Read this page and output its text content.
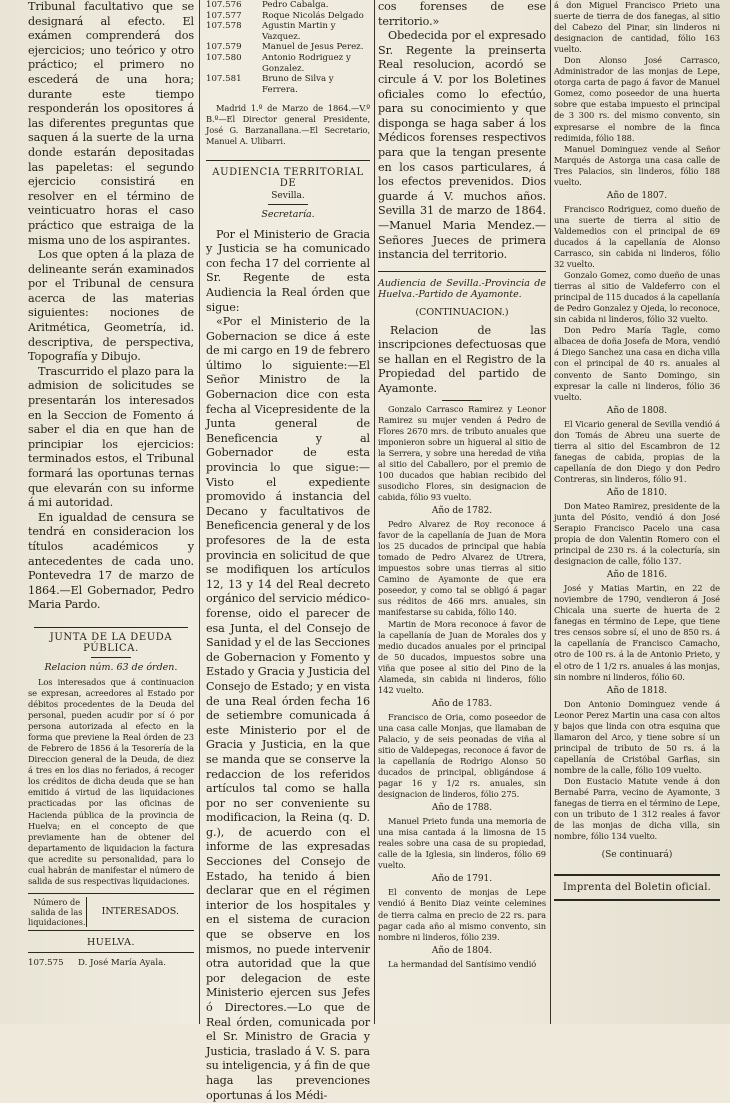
Tribunal facultativo que se designará al efecto. El exámen comprenderá dos ejercicios; uno teórico y otro práctico; el primero no escederá de una hora; durante este tiempo responderán los opositores á las diferentes preguntas que saquen á la suerte de la urna donde estarán depositadas las papeletas: el segundo ejercicio consistirá en resolver en el término de veinticuatro horas el caso práctico que estraiga de la misma uno de los aspirantes.

Los que opten á la plaza de delineante serán examinados por el Tribunal de censura acerca de las materias siguientes: nociones de Aritmética, Geometría, id. descriptiva, de perspectiva, Topografía y Dibujo.

Trascurrido el plazo para la admision de solicitudes se presentarán los interesados en la Seccion de Fomento á saber el dia en que han de principiar los ejercicios: terminados estos, el Tribunal formará las oportunas ternas que elevarán con su informe á mi autoridad.

En igualdad de censura se tendrá en consideracion los títulos académicos y antecedentes de cada uno. Pontevedra 17 de marzo de 1864.—El Gobernador, Pedro Maria Pardo.

JUNTA DE LA DEUDA PÚBLICA.

Relacion núm. 63 de órden.

Los interesados que á continuacion se expresan, acreedores al Estado por débitos procedentes de la Deuda del personal, pueden acudir por sí ó por persona autorizada al efecto en la forma que previene la Real órden de 23 de Febrero de 1856 á la Tesorería de la Direccion general de la Deuda, de diez á tres en los dias no feriados, á recoger los créditos de dicha deuda que se han emitido á virtud de las liquidaciones practicadas por las oficinas de Hacienda pública de la provincia de Huelva; en el concepto de que previamente han de obtener del departamento de liquidacion la factura que acredite su personalidad, para lo cual habrán de manifestar el número de salida de sus respectivas liquidaciones.

Número de salida de las liquidaciones.	INTERESADOS.

HUELVA.

107.575	D. José María Ayala.
107.576	Pedro Cabalga.
107.577	Roque Nicolás Delgado
107.578	Agustin Martin y Vazquez.
107.579	Manuel de Jesus Perez.
107.580	Antonio Rodriguez y Gonzalez.
107.581	Bruno de Silva y Ferrera.

Madrid 1.º de Marzo de 1864.—V.º B.º—El Director general Presidente, José G. Barzanallana.—El Secretario, Manuel A. Ulibarri.

AUDIENCIA TERRITORIAL DE

Sevilla.

Secretaría.

Por el Ministerio de Gracia y Justicia se ha comunicado con fecha 17 del corriente al Sr. Regente de esta Audiencia la Real órden que sigue:

«Por el Ministerio de la Gobernacion se dice á este de mi cargo en 19 de febrero último lo siguiente:—El Señor Ministro de la Gobernacion dice con esta fecha al Vicepresidente de la Junta general de Beneficencia y al Gobernador de esta provincia lo que sigue:—Visto el expediente promovido á instancia del Decano y facultativos de Beneficencia general y de los profesores de la de esta provincia en solicitud de que se modifiquen los artículos 12, 13 y 14 del Real decreto orgánico del servicio médico-forense, oido el parecer de esa Junta, el del Consejo de Sanidad y el de las Secciones de Gobernacion y Fomento y Estado y Gracia y Justicia del Consejo de Estado; y en vista de una Real órden fecha 16 de setiembre comunicada á este Ministerio por el de Gracia y Justicia, en la que se manda que se conserve la redaccion de los referidos artículos tal como se halla por no ser conveniente su modificacion, la Reina (q. D. g.), de acuerdo con el informe de las expresadas Secciones del Consejo de Estado, ha tenido á bien declarar que en el régimen interior de los hospitales y en el sistema de curacion que se observe en los mismos, no puede intervenir otra autoridad que la que por delegacion de este Ministerio ejercen sus Jefes ó Directores.—Lo que de Real órden, comunicada por el Sr. Ministro de Gracia y Justicia, traslado á V. S. para su inteligencia, y á fin de que haga las prevenciones oportunas á los Médi-

cos forenses de ese territorio.»

Obedecida por el expresado Sr. Regente la preinserta Real resolucion, acordó se circule á V. por los Boletines oficiales como lo efectúo, para su conocimiento y que disponga se haga saber á los Médicos forenses respectivos para que la tengan presente en los casos particulares, á los efectos prevenidos. Dios guarde á V. muchos años. Sevilla 31 de marzo de 1864.—Manuel Maria Mendez.—Señores Jueces de primera instancia del territorio.

Audiencia de Sevilla.-Provincia de Huelva.-Partido de Ayamonte.

(CONTINUACION.)

Relacion de las inscripciones defectuosas que se hallan en el Registro de la Propiedad del partido de Ayamonte.

Gonzalo Carrasco Ramirez y Leonor Ramirez su mujer venden á Pedro de Flores 2670 mrs. de tributo anuales que imponieron sobre un higueral al sitio de la Serrera, y sobre una heredad de viña al sitio del Caballero, por el premio de 100 ducados que habian recibido del susodicho Flores, sin designacion de cabida, fólio 93 vuelto.

Año de 1782.

Pedro Alvarez de Roy reconoce á favor de la capellanía de Juan de Mora los 25 ducados de principal que había tomado de Pedro Alvarez de Utrera, impuestos sobre unas tierras al sitio Camino de Ayamonte de que era poseedor, y como tal se obligó á pagar sus réditos de 466 mrs. anuales, sin manifestarse su cabida, fólio 140.

Martin de Mora reconoce á favor de la capellanía de Juan de Morales dos y medio ducados anuales por el principal de 50 ducados, impuestos sobre una viña que posee al sitio del Pino de la Alameda, sin cabida ni linderos, fólio 142 vuelto.

Año de 1783.

Francisco de Oria, como poseedor de una casa calle Monjas, que llamaban de Palacio, y de seis peonadas de viña al sitio de Valdepegas, reconoce á favor de la capellanía de Rodrigo Alonso 50 ducados de principal, obligándose á pagar 16 y 1/2 rs. anuales, sin designacion de linderos, fólio 275.

Año de 1788.

Manuel Prieto funda una memoria de una misa cantada á la limosna de 15 reales sobre una casa de su propiedad, calle de la Iglesia, sin linderos, fólio 69 vuelto.

Año de 1791.

El convento de monjas de Lepe vendió á Benito Diaz veinte celemines de tierra calma en precio de 22 rs. para pagar cada año al mismo convento, sin nombre ni linderos, fólio 239.

Año de 1804.

La hermandad del Santísimo vendió

á don Miguel Francisco Prieto una suerte de tierra de dos fanegas, al sitio del Cabezo del Pinar, sin linderos ni designacion de cantidad, fólio 163 vuelto.

Don Alonso José Carrasco, Administrador de las monjas de Lepe, otorga carta de pago á favor de Manuel Gomez, como poseedor de una huerta sobre que estaba impuesto el principal de 3 300 rs. del mismo convento, sin expresarse el nombre de la finca redimida, fólio 188.

Manuel Dominguez vende al Señor Marqués de Astorga una casa calle de Tres Palacios, sin linderos, fólio 188 vuelto.

Año de 1807.

Francisco Rodriguez, como dueño de una suerte de tierra al sitio de Valdemedios con el principal de 69 ducados á la capellanía de Alonso Carrasco, sin cabida ni linderos, fólio 32 vuelto.

Gonzalo Gomez, como dueño de unas tierras al sitio de Valdeferro con el principal de 115 ducados á la capellanía de Pedro Gonzalez y Ojeda, lo reconoce, sin cabida ni linderos, fólio 32 vuelto.

Don Pedro María Tagle, como albacea de doña Josefa de Mora, vendió á Diego Sanchez una casa en dicha villa con el principal de 40 rs. anuales al convento de Santo Domingo, sin expresar la calle ni linderos, fólio 36 vuelto.

Año de 1808.

El Vicario general de Sevilla vendió á don Tomás de Abreu una suerte de tierra al sitio del Escambron de 12 fanegas de cabida, propias de la capellanía de don Diego y don Pedro Contreras, sin linderos, fólio 91.

Año de 1810.

Don Mateo Ramirez, presidente de la junta del Pósito, vendió á don José Serapio Francisco Pacelo una casa propia de don Valentin Romero con el principal de 230 rs. á la colecturía, sin designacion de calle, fólio 137.

Año de 1816.

José y Matias Martin, en 22 de noviembre de 1790, vendieron á José Chicala una suerte de huerta de 2 fanegas en término de Lepe, que tiene tres censos sobre sí, el uno de 850 rs. á la capellanía de Francisco Camacho, otro de 100 rs. á la de Antonio Prieto, y el otro de 1 1/2 rs. anuales á las monjas, sin nombre ni linderos, fólio 60.

Año de 1818.

Don Antonio Dominguez vende á Leonor Perez Martin una casa con altos y bajos que linda con otra esquina que llamaron del Arco, y tiene sobre sí un principal de tributo de 50 rs. á la capellanía de Cristóbal Garfias, sin nombre de la calle, fólio 109 vuelto.

Don Eustacio Matute vende á don Bernabé Parra, vecino de Ayamonte, 3 fanegas de tierra en el término de Lepe, con un tributo de 1 312 reales á favor de las monjas de dicha villa, sin nombre, fólio 134 vuelto.

(Se continuará)

Imprenta del Boletin oficial.
